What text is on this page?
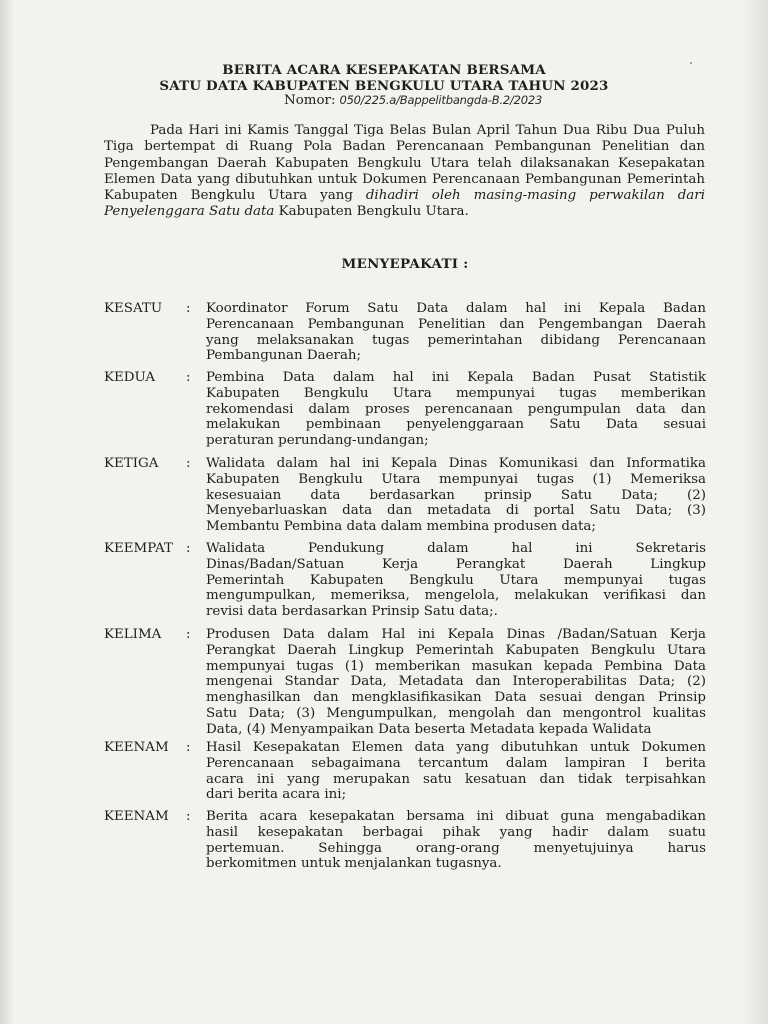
BERITA ACARA KESEPAKATAN BERSAMA
SATU DATA KABUPATEN BENGKULU UTARA TAHUN 2023
Nomor: 050/225.a/Bappelitbangda-B.2/2023

Pada Hari ini Kamis Tanggal Tiga Belas Bulan April Tahun Dua Ribu Dua Puluh Tiga bertempat di Ruang Pola Badan Perencanaan Pembangunan Penelitian dan Pengembangan Daerah Kabupaten Bengkulu Utara telah dilaksanakan Kesepakatan Elemen Data yang dibutuhkan untuk Dokumen Perencanaan Pembangunan Pemerintah Kabupaten Bengkulu Utara yang dihadiri oleh masing-masing perwakilan dari Penyelenggara Satu data Kabupaten Bengkulu Utara.

MENYEPAKATI :
KESATU : Koordinator Forum Satu Data dalam hal ini Kepala Badan
Perencanaan Pembangunan Penelitian dan Pengembangan Daerah
yang melaksanakan tugas pemerintahan dibidang Perencanaan
Pembangunan Daerah;
KEDUA : Pembina Data dalam hal ini Kepala Badan Pusat Statistik
Kabupaten Bengkulu Utara mempunyai tugas memberikan
rekomendasi dalam proses perencanaan pengumpulan data dan
melakukan pembinaan penyelenggaraan Satu Data sesuai
peraturan perundang-undangan;
KETIGA : Walidata dalam hal ini Kepala Dinas Komunikasi dan Informatika
Kabupaten Bengkulu Utara mempunyai tugas (1) Memeriksa
kesesuaian data berdasarkan prinsip Satu Data; (2)
Menyebarluaskan data dan metadata di portal Satu Data; (3)
Membantu Pembina data dalam membina produsen data;
KEEMPAT : Walidata Pendukung dalam hal ini Sekretaris
Dinas/Badan/Satuan Kerja Perangkat Daerah Lingkup
Pemerintah Kabupaten Bengkulu Utara mempunyai tugas
mengumpulkan, memeriksa, mengelola, melakukan verifikasi dan
revisi data berdasarkan Prinsip Satu data;.
KELIMA : Produsen Data dalam Hal ini Kepala Dinas /Badan/Satuan Kerja
Perangkat Daerah Lingkup Pemerintah Kabupaten Bengkulu Utara
mempunyai tugas (1) memberikan masukan kepada Pembina Data
mengenai Standar Data, Metadata dan Interoperabilitas Data; (2)
menghasilkan dan mengklasifikasikan Data sesuai dengan Prinsip
Satu Data; (3) Mengumpulkan, mengolah dan mengontrol kualitas
Data, (4) Menyampaikan Data beserta Metadata kepada Walidata
KEENAM : Hasil Kesepakatan Elemen data yang dibutuhkan untuk Dokumen
Perencanaan sebagaimana tercantum dalam lampiran I berita
acara ini yang merupakan satu kesatuan dan tidak terpisahkan
dari berita acara ini;
KEENAM : Berita acara kesepakatan bersama ini dibuat guna mengabadikan
hasil kesepakatan berbagai pihak yang hadir dalam suatu
pertemuan. Sehingga orang-orang menyetujuinya harus
berkomitmen untuk menjalankan tugasnya.
